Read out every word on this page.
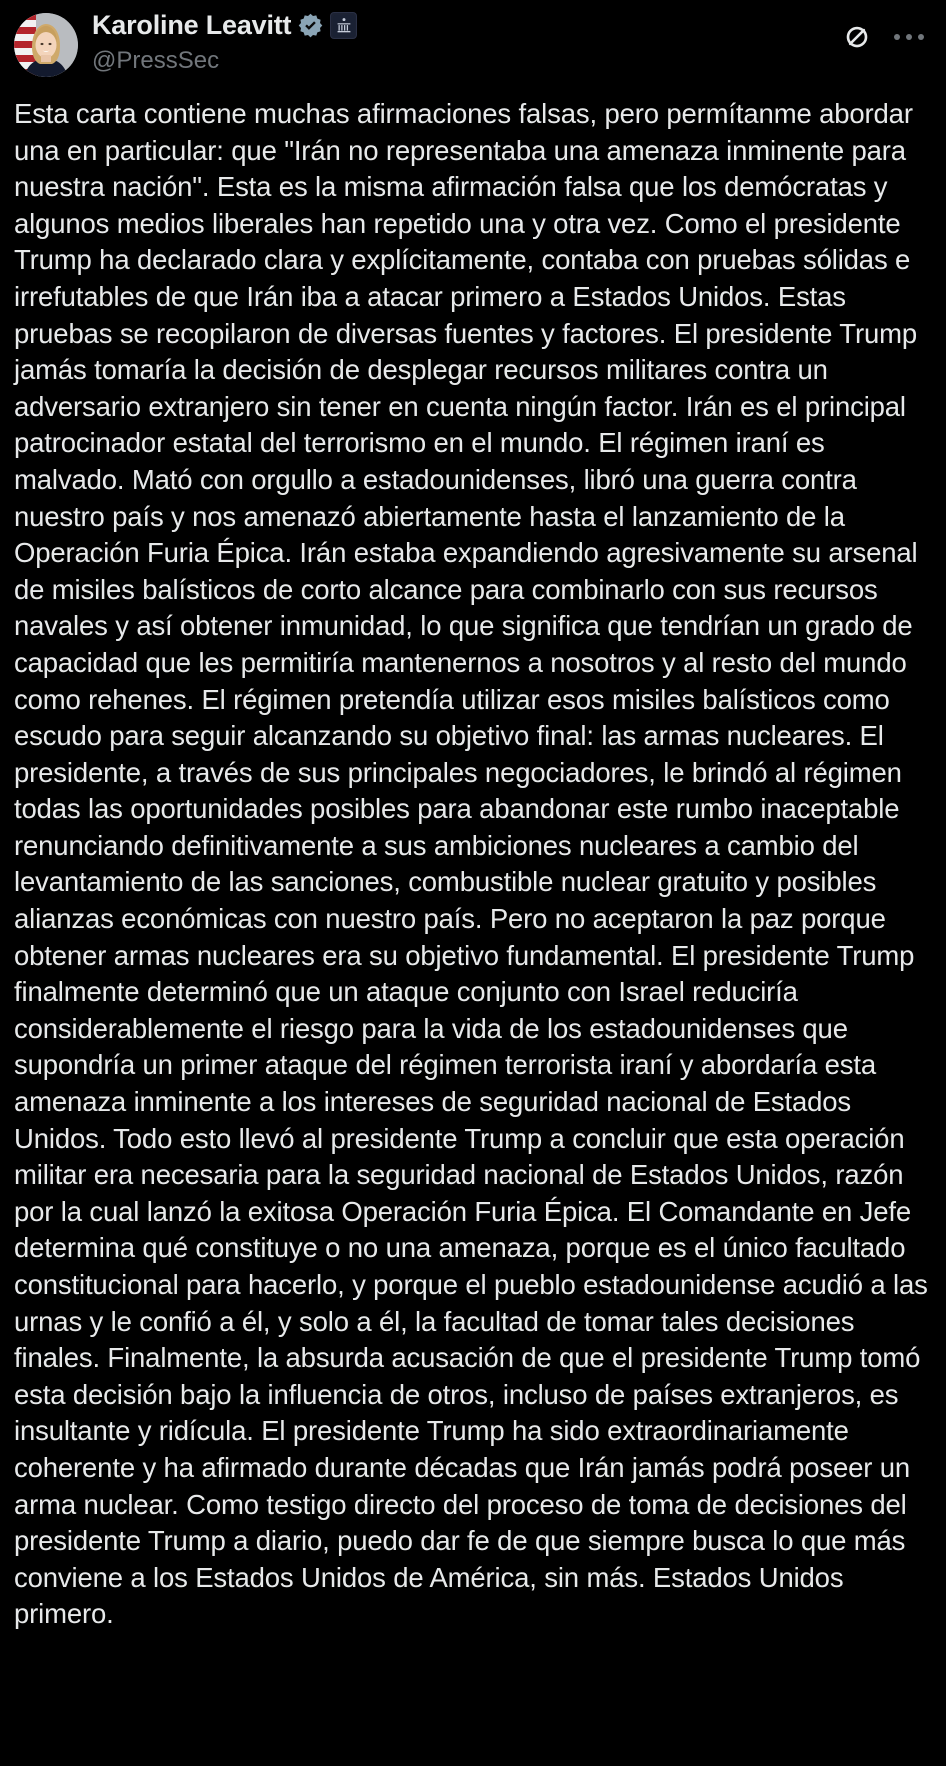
Karoline Leavitt
@PressSec
Esta carta contiene muchas afirmaciones falsas, pero permítanme abordar una en particular: que "Irán no representaba una amenaza inminente para nuestra nación". Esta es la misma afirmación falsa que los demócratas y algunos medios liberales han repetido una y otra vez. Como el presidente Trump ha declarado clara y explícitamente, contaba con pruebas sólidas e irrefutables de que Irán iba a atacar primero a Estados Unidos. Estas pruebas se recopilaron de diversas fuentes y factores. El presidente Trump jamás tomaría la decisión de desplegar recursos militares contra un adversario extranjero sin tener en cuenta ningún factor. Irán es el principal patrocinador estatal del terrorismo en el mundo. El régimen iraní es malvado. Mató con orgullo a estadounidenses, libró una guerra contra nuestro país y nos amenazó abiertamente hasta el lanzamiento de la Operación Furia Épica. Irán estaba expandiendo agresivamente su arsenal de misiles balísticos de corto alcance para combinarlo con sus recursos navales y así obtener inmunidad, lo que significa que tendrían un grado de capacidad que les permitiría mantenernos a nosotros y al resto del mundo como rehenes. El régimen pretendía utilizar esos misiles balísticos como escudo para seguir alcanzando su objetivo final: las armas nucleares. El presidente, a través de sus principales negociadores, le brindó al régimen todas las oportunidades posibles para abandonar este rumbo inaceptable renunciando definitivamente a sus ambiciones nucleares a cambio del levantamiento de las sanciones, combustible nuclear gratuito y posibles alianzas económicas con nuestro país. Pero no aceptaron la paz porque obtener armas nucleares era su objetivo fundamental. El presidente Trump finalmente determinó que un ataque conjunto con Israel reduciría considerablemente el riesgo para la vida de los estadounidenses que supondría un primer ataque del régimen terrorista iraní y abordaría esta amenaza inminente a los intereses de seguridad nacional de Estados Unidos. Todo esto llevó al presidente Trump a concluir que esta operación militar era necesaria para la seguridad nacional de Estados Unidos, razón por la cual lanzó la exitosa Operación Furia Épica. El Comandante en Jefe determina qué constituye o no una amenaza, porque es el único facultado constitucional para hacerlo, y porque el pueblo estadounidense acudió a las urnas y le confió a él, y solo a él, la facultad de tomar tales decisiones finales. Finalmente, la absurda acusación de que el presidente Trump tomó esta decisión bajo la influencia de otros, incluso de países extranjeros, es insultante y ridícula. El presidente Trump ha sido extraordinariamente coherente y ha afirmado durante décadas que Irán jamás podrá poseer un arma nuclear. Como testigo directo del proceso de toma de decisiones del presidente Trump a diario, puedo dar fe de que siempre busca lo que más conviene a los Estados Unidos de América, sin más. Estados Unidos primero.
